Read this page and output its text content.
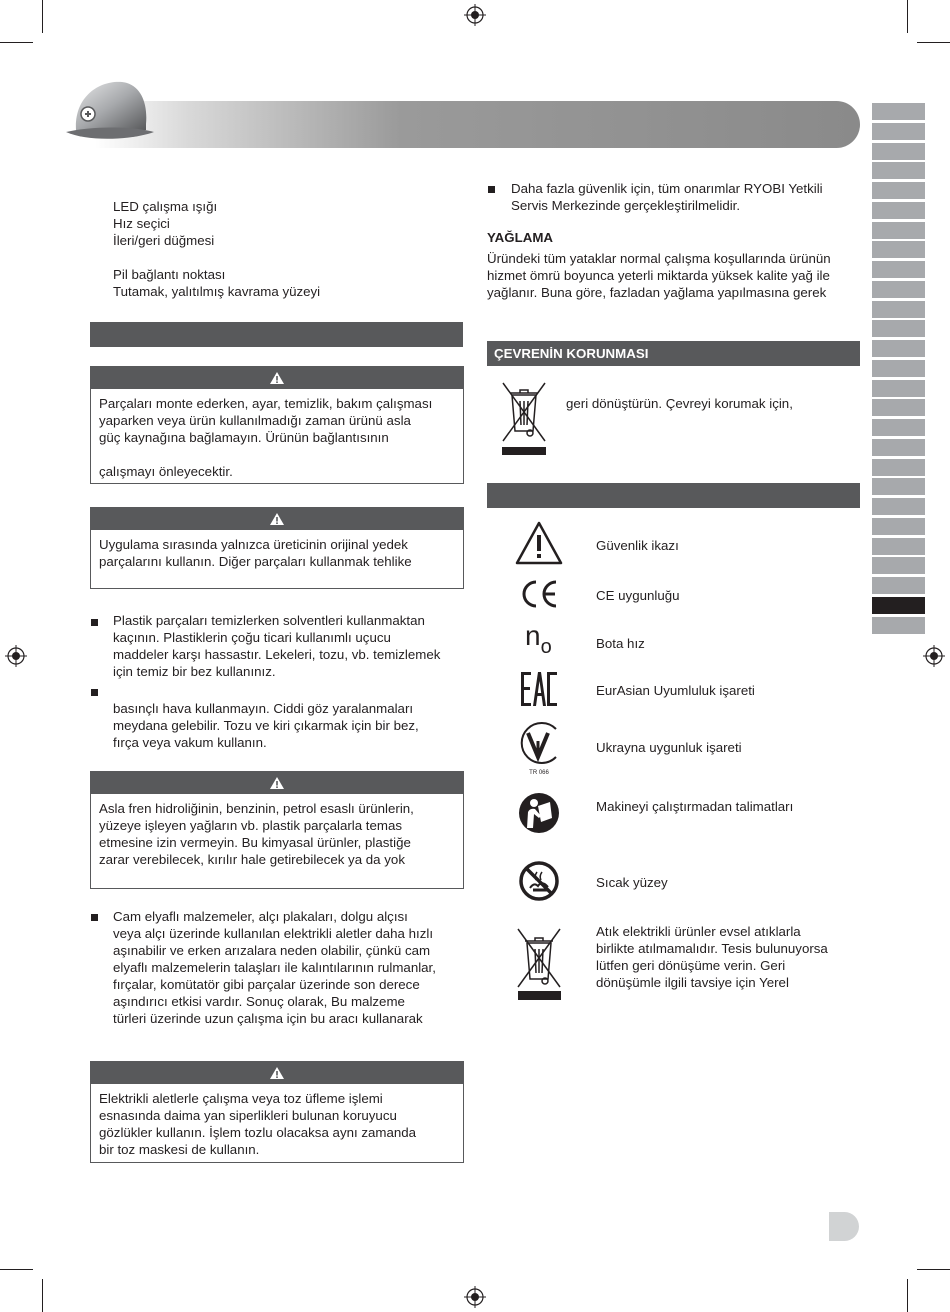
LED çalışma ışığı
Hız seçici
İleri/geri düğmesi
Pil bağlantı noktası
Tutamak, yalıtılmış kavrama yüzeyi
Parçaları monte ederken, ayar, temizlik, bakım çalışması
yaparken veya ürün kullanılmadığı zaman ürünü asla
güç kaynağına bağlamayın. Ürünün bağlantısının
çalışmayı önleyecektir.
Uygulama sırasında yalnızca üreticinin orijinal yedek
parçalarını kullanın. Diğer parçaları kullanmak tehlike
Plastik parçaları temizlerken solventleri kullanmaktan
kaçının. Plastiklerin çoğu ticari kullanımlı uçucu
maddeler karşı hassastır. Lekeleri, tozu, vb. temizlemek
için temiz bir bez kullanınız.
basınçlı hava kullanmayın. Ciddi göz yaralanmaları
meydana gelebilir. Tozu ve kiri çıkarmak için bir bez,
fırça veya vakum kullanın.
Asla fren hidroliğinin, benzinin, petrol esaslı ürünlerin,
yüzeye işleyen yağların vb. plastik parçalarla temas
etmesine izin vermeyin. Bu kimyasal ürünler, plastiğe
zarar verebilecek, kırılır hale getirebilecek ya da yok
Cam elyaflı malzemeler, alçı plakaları, dolgu alçısı
veya alçı üzerinde kullanılan elektrikli aletler daha hızlı
aşınabilir ve erken arızalara neden olabilir, çünkü cam
elyaflı malzemelerin talaşları ile kalıntılarının rulmanlar,
fırçalar, komütatör gibi parçalar üzerinde son derece
aşındırıcı etkisi vardır. Sonuç olarak, Bu malzeme
türleri üzerinde uzun çalışma için bu aracı kullanarak
Elektrikli aletlerle çalışma veya toz üfleme işlemi
esnasında daima yan siperlikleri bulunan koruyucu
gözlükler kullanın. İşlem tozlu olacaksa aynı zamanda
bir toz maskesi de kullanın.
Daha fazla güvenlik için, tüm onarımlar RYOBI Yetkili
Servis Merkezinde gerçekleştirilmelidir.
YAĞLAMA
Üründeki tüm yataklar normal çalışma koşullarında ürünün
hizmet ömrü boyunca yeterli miktarda yüksek kalite yağ ile
yağlanır. Buna göre, fazladan yağlama yapılmasına gerek
ÇEVRENİN KORUNMASI
geri dönüştürün. Çevreyi korumak için,
Güvenlik ikazı
CE uygunluğu
$n_o$	Bota hız
EurAsian Uyumluluk işareti
TR 066
Ukrayna uygunluk işareti
Makineyi çalıştırmadan talimatları
Sıcak yüzey
Atık elektrikli ürünler evsel atıklarla
birlikte atılmamalıdır. Tesis bulunuyorsa
lütfen geri dönüşüme verin. Geri
dönüşümle ilgili tavsiye için Yerel
